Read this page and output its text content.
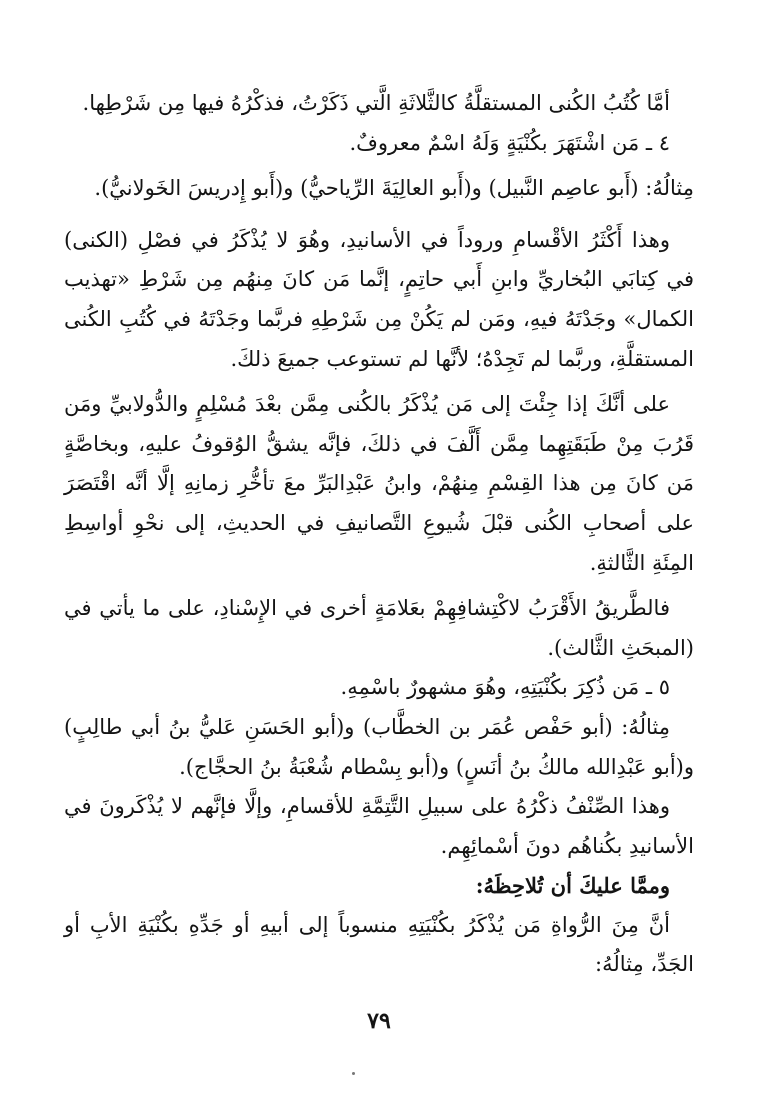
أمَّا كُتُبُ الكُنى المستقلَّةُ كالثَّلاثَةِ الَّتي ذَكَرْتُ، فذكْرُهُ فيها مِن شَرْطِها.

٤ ـ مَن اشْتَهَرَ بكُنْيَةٍ وَلَهُ اسْمٌ معروفٌ.

مِثالُهُ: (أَبو عاصِم النَّبيل) و(أَبو العالِيَةَ الرِّياحيُّ) و(أَبو إِدريسَ الخَولانيُّ).

وهذا أَكْثَرُ الأقْسامِ وروداً في الأسانيدِ، وهُوَ لا يُذْكَرُ في فصْلِ (الكنى) في كِتابَي البُخاريِّ وابنِ أَبي حاتِمٍ، إنَّما مَن كانَ مِنهُم مِن شَرْطِ «تهذيب الكمال» وجَدْتَهُ فيهِ، ومَن لم يَكُنْ مِن شَرْطِهِ فربَّما وجَدْتَهُ في كُتُبِ الكُنى المستقلَّةِ، وربَّما لم تَجِدْهُ؛ لأنَّها لم تستوعب جميعَ ذلكَ.

على أنَّكَ إذا جِئْتَ إلى مَن يُذْكَرُ بالكُنى مِمَّن بعْدَ مُسْلِمٍ والدُّولابيِّ ومَن قَرُبَ مِنْ طَبَقَتِهِما مِمَّن أَلَّفَ في ذلكَ، فإنَّه يشقُّ الوُقوفُ عليهِ، وبخاصَّةٍ مَن كانَ مِن هذا القِسْمِ مِنهُمْ، وابنُ عَبْدِالبَرِّ معَ تأخُّرِ زمانِهِ إلَّا أنَّه اقْتَصَرَ على أصحابِ الكُنى قبْلَ شُيوعِ التَّصانيفِ في الحديثِ، إلى نحْوِ أواسِطِ المِئَةِ الثَّالثةِ.

فالطَّريقُ الأَقْرَبُ لاكْتِشافِهِمْ بعَلامَةٍ أخرى في الإِسْنادِ، على ما يأتي في (المبحَثِ الثَّالث).

٥ ـ مَن ذُكِرَ بكُنْيَتِهِ، وهُوَ مشهورٌ باسْمِهِ.

مِثالُهُ: (أبو حَفْص عُمَر بن الخطَّاب) و(أبو الحَسَنِ عَليُّ بنُ أبي طالِبٍ) و(أبو عَبْدِالله مالكُ بنُ أنَسٍ) و(أبو بِسْطام شُعْبَةُ بنُ الحجَّاج).

وهذا الصِّنْفُ ذكْرُهُ على سبيلِ التَّتِمَّةِ للأقسامِ، وإلَّا فإنَّهم لا يُذْكَرونَ في الأسانيدِ بكُناهُم دونَ أسْمائِهِم.

وممَّا عليكَ أن تُلاحِظَهُ:

أنَّ مِنَ الرُّواةِ مَن يُذْكَرُ بكُنْيَتِهِ منسوباً إلى أبيهِ أو جَدِّهِ بكُنْيَةِ الأبِ أو الجَدِّ، مِثالُهُ:

٧٩
